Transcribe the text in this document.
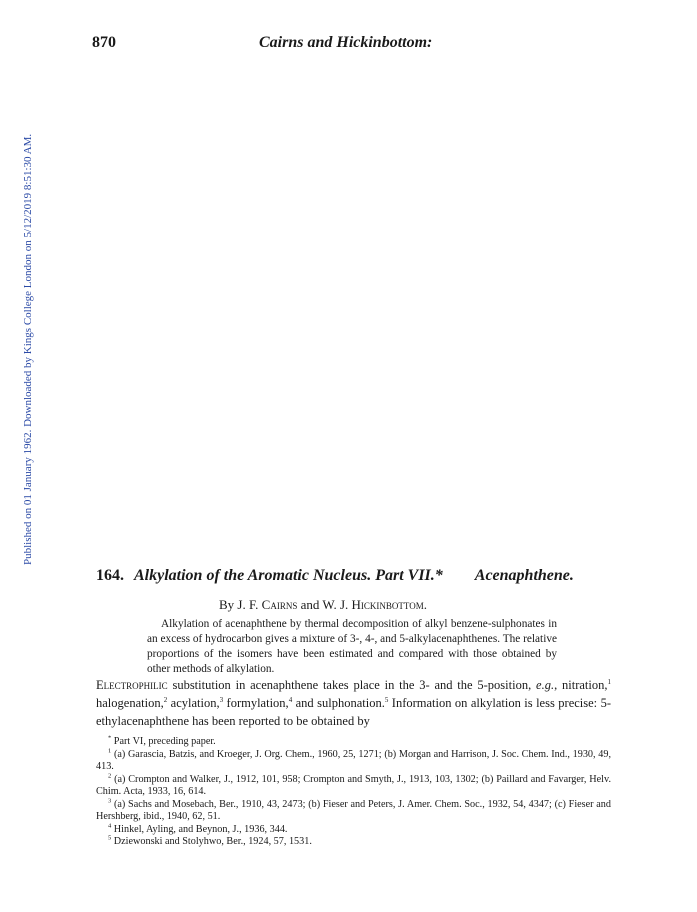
Published on 01 January 1962. Downloaded by Kings College London on 5/12/2019 8:51:30 AM.
870	Cairns and Hickinbottom:
164. Alkylation of the Aromatic Nucleus. Part VII.* Acenaphthene.
By J. F. Cairns and W. J. Hickinbottom.

Alkylation of acenaphthene by thermal decomposition of alkyl benzene-sulphonates in an excess of hydrocarbon gives a mixture of 3-, 4-, and 5-alkylacenaphthenes. The relative proportions of the isomers have been estimated and compared with those obtained by other methods of alkylation.

Electrophilic substitution in acenaphthene takes place in the 3- and the 5-position, e.g., nitration,$^1$ halogenation,$^2$ acylation,$^3$ formylation,$^4$ and sulphonation.$^5$ Information on alkylation is less precise: 5-ethylacenaphthene has been reported to be obtained by

* Part VI, preceding paper.

$^1$ (a) Garascia, Batzis, and Kroeger, J. Org. Chem., 1960, 25, 1271; (b) Morgan and Harrison, J. Soc. Chem. Ind., 1930, 49, 413.

$^2$ (a) Crompton and Walker, J., 1912, 101, 958; Crompton and Smyth, J., 1913, 103, 1302; (b) Paillard and Favarger, Helv. Chim. Acta, 1933, 16, 614.

$^3$ (a) Sachs and Mosebach, Ber., 1910, 43, 2473; (b) Fieser and Peters, J. Amer. Chem. Soc., 1932, 54, 4347; (c) Fieser and Hershberg, ibid., 1940, 62, 51.

$^4$ Hinkel, Ayling, and Beynon, J., 1936, 344.

$^5$ Dziewonski and Stolyhwo, Ber., 1924, 57, 1531.
